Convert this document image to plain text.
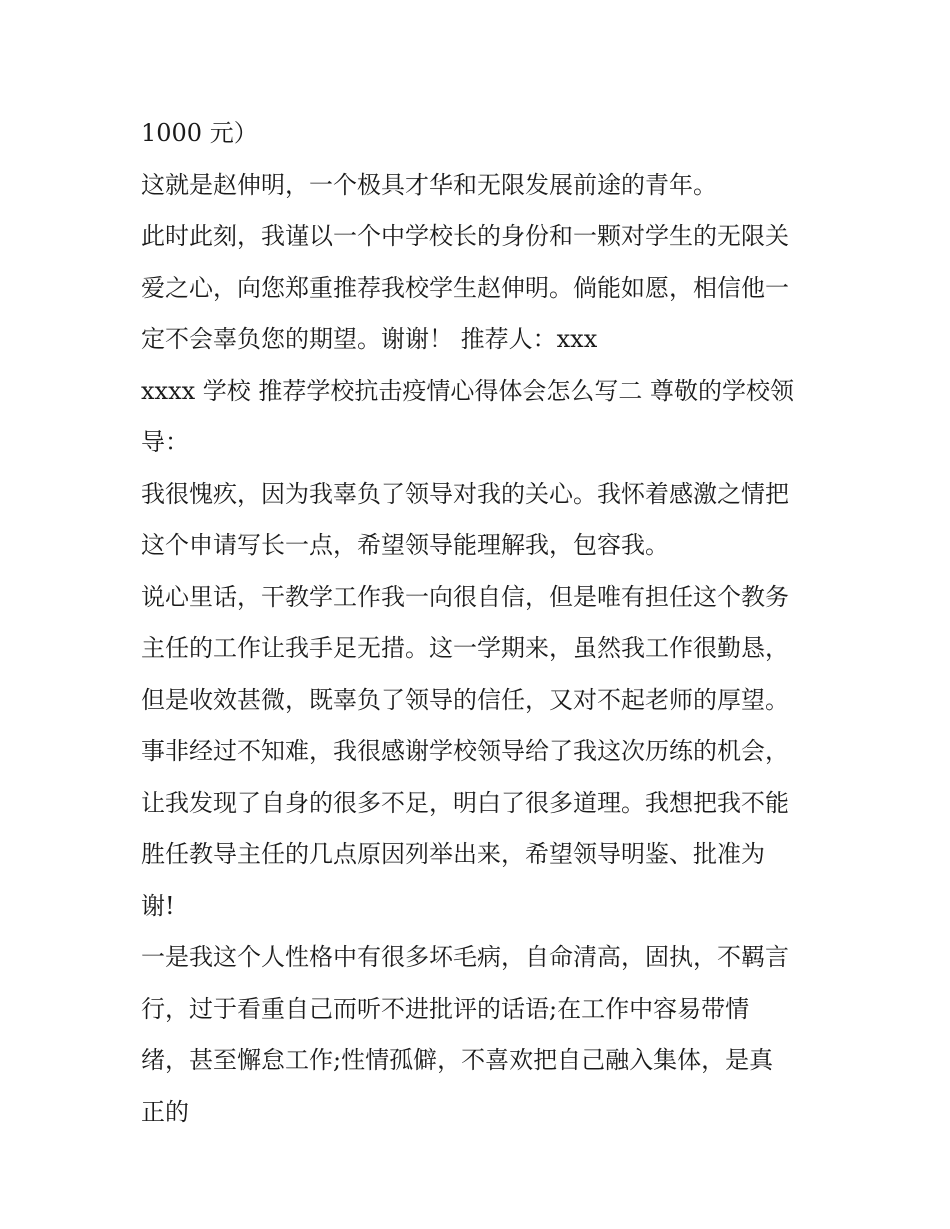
1000 元）
这就是赵伸明，一个极具才华和无限发展前途的青年。
此时此刻，我谨以一个中学校长的身份和一颗对学生的无限关
爱之心，向您郑重推荐我校学生赵伸明。倘能如愿，相信他一
定不会辜负您的期望。谢谢！ 推荐人：xxx
xxxx 学校 推荐学校抗击疫情心得体会怎么写二 尊敬的学校领
导：
我很愧疚，因为我辜负了领导对我的关心。我怀着感激之情把
这个申请写长一点，希望领导能理解我，包容我。
说心里话，干教学工作我一向很自信，但是唯有担任这个教务
主任的工作让我手足无措。这一学期来，虽然我工作很勤恳，
但是收效甚微，既辜负了领导的信任，又对不起老师的厚望。
事非经过不知难，我很感谢学校领导给了我这次历练的机会，
让我发现了自身的很多不足，明白了很多道理。我想把我不能
胜任教导主任的几点原因列举出来，希望领导明鉴、批准为
谢!
一是我这个人性格中有很多坏毛病，自命清高，固执，不羁言
行，过于看重自己而听不进批评的话语;在工作中容易带情
绪，甚至懈怠工作;性情孤僻，不喜欢把自己融入集体，是真
正的
